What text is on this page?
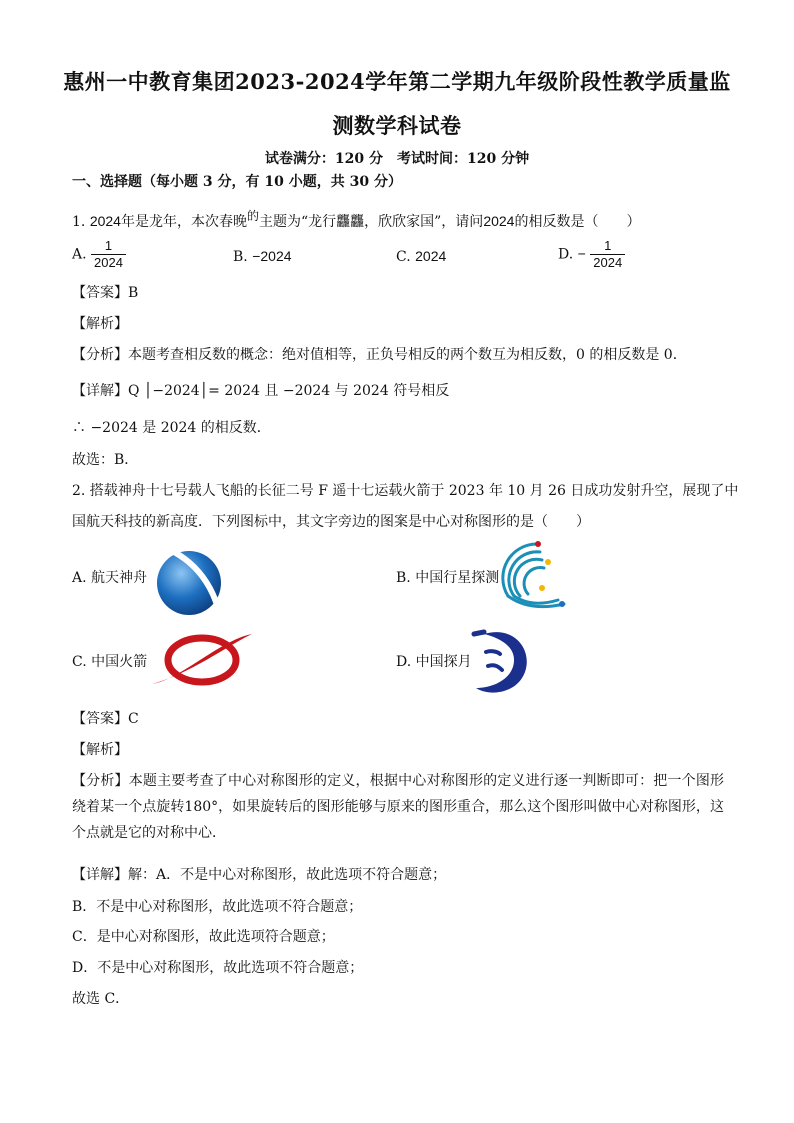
惠州一中教育集团2023-2024学年第二学期九年级阶段性教学质量监
测数学科试卷
试卷满分：120 分　考试时间：120 分钟
一、选择题（每小题 3 分，有 10 小题，共 30 分）
1. 2024年是龙年，本次春晚的主题为“龙行龘龘，欣欣家国”，请问2024的相反数是（　　）
A. $\frac{1}{2024}$	B. −2024	C. 2024	D. − $\frac{1}{2024}$
【答案】B
【解析】
【分析】本题考查相反数的概念：绝对值相等，正负号相反的两个数互为相反数，0 的相反数是 0．
【详解】Q │−2024│= 2024 且 −2024 与 2024 符号相反
∴ −2024 是 2024 的相反数．
故选：B．
2. 搭载神舟十七号载人飞船的长征二号 F 遥十七运载火箭于 2023 年 10 月 26 日成功发射升空，展现了中
国航天科技的新高度．下列图标中，其文字旁边的图案是中心对称图形的是（　　）
A. 航天神舟	B. 中国行星探测
C. 中国火箭	D. 中国探月
【答案】C
【解析】
【分析】本题主要考查了中心对称图形的定义，根据中心对称图形的定义进行逐一判断即可：把一个图形绕着某一个点旋转180°，如果旋转后的图形能够与原来的图形重合，那么这个图形叫做中心对称图形，这个点就是它的对称中心．
【详解】解：A．不是中心对称图形，故此选项不符合题意；
B．不是中心对称图形，故此选项不符合题意；
C．是中心对称图形，故此选项符合题意；
D．不是中心对称图形，故此选项不符合题意；
故选 C．
